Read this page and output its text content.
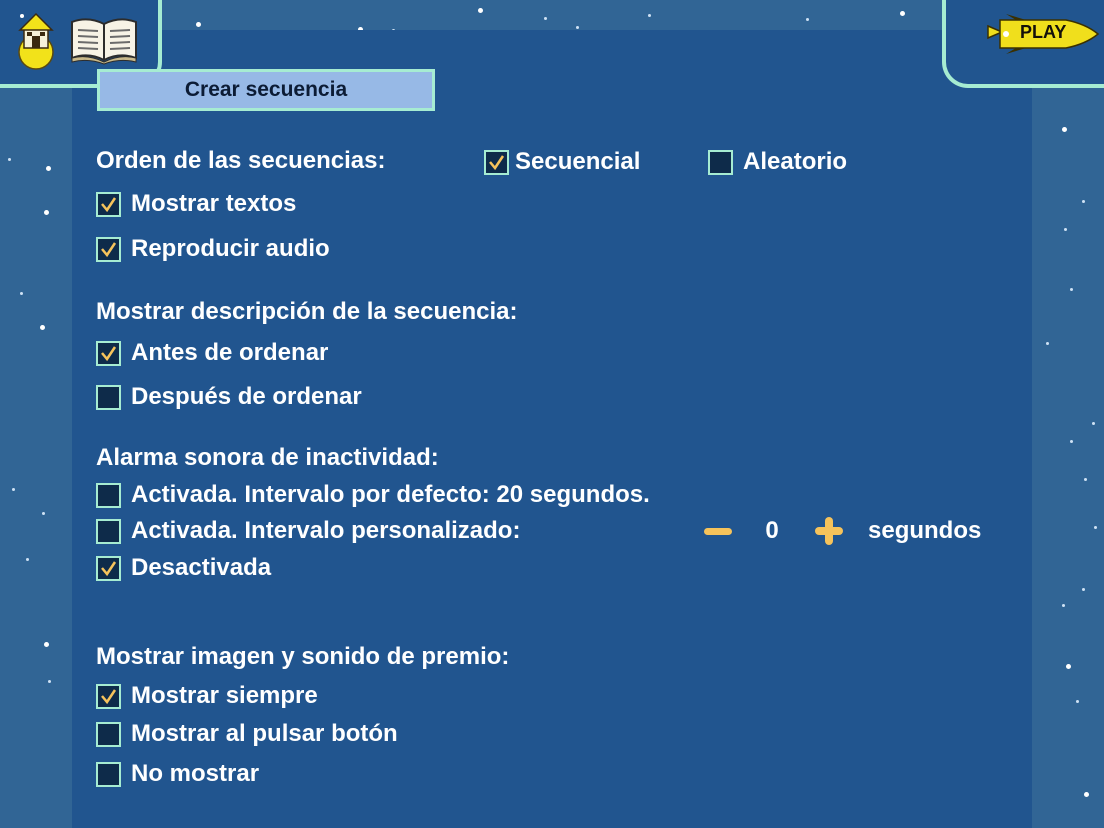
PLAY
Crear secuencia
Orden de las secuencias:	Secuencial	Aleatorio
Mostrar textos
Reproducir audio
Mostrar descripción de la secuencia:
Antes de ordenar
Después de ordenar
Alarma sonora de inactividad:
Activada. Intervalo por defecto: 20 segundos.
Activada. Intervalo personalizado:
Desactivada
0	segundos
Mostrar imagen y sonido de premio:
Mostrar siempre
Mostrar al pulsar botón
No mostrar
